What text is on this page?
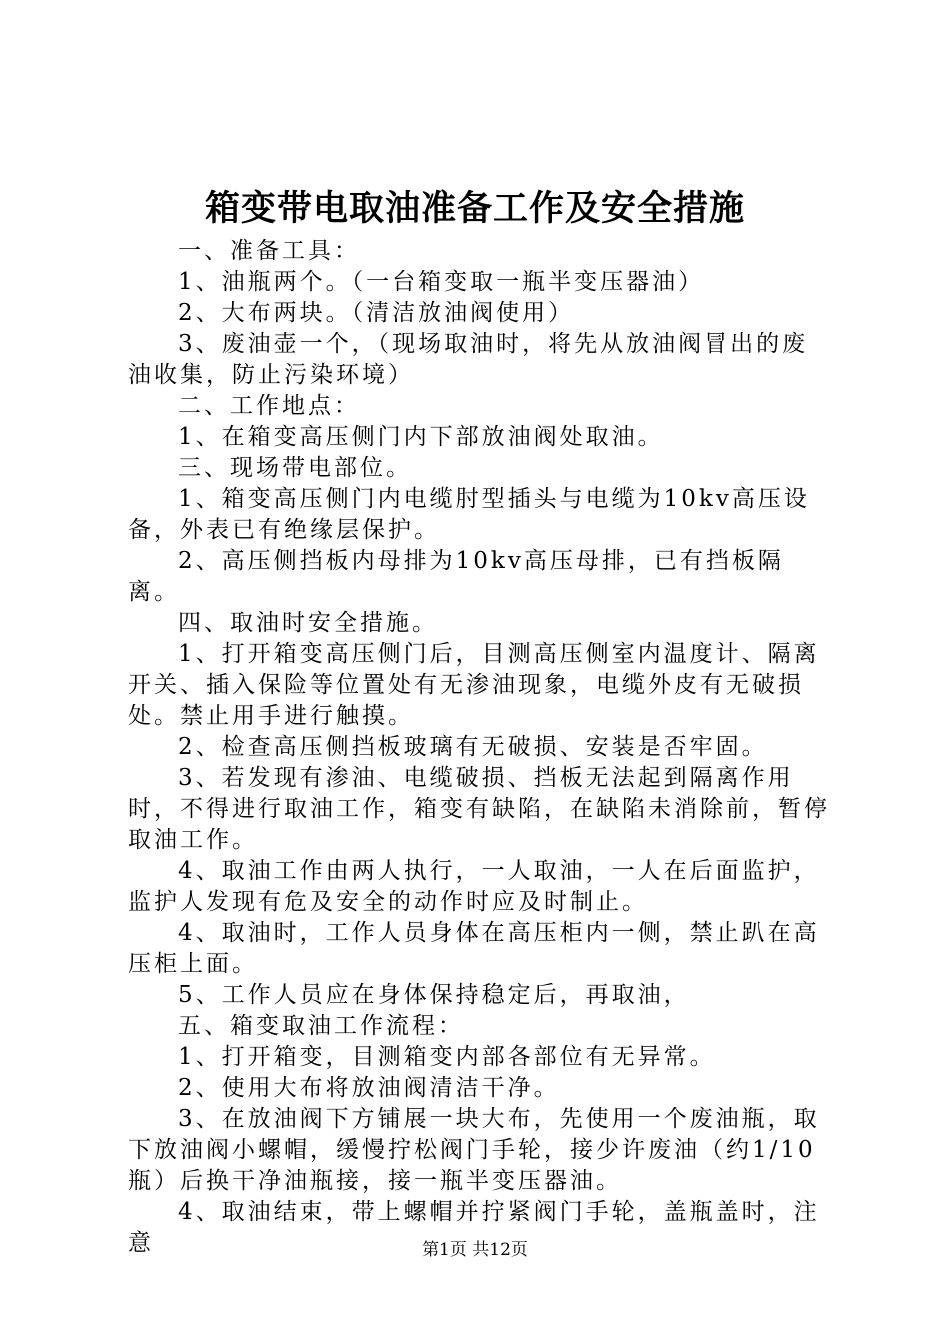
箱变带电取油准备工作及安全措施

一、准备工具：

1、油瓶两个。（一台箱变取一瓶半变压器油）

2、大布两块。（清洁放油阀使用）

3、废油壶一个，（现场取油时，将先从放油阀冒出的废油收集，防止污染环境）

二、工作地点：

1、在箱变高压侧门内下部放油阀处取油。

三、现场带电部位。

1、箱变高压侧门内电缆肘型插头与电缆为10kv高压设备，外表已有绝缘层保护。

2、高压侧挡板内母排为10kv高压母排，已有挡板隔离。

四、取油时安全措施。

1、打开箱变高压侧门后，目测高压侧室内温度计、隔离开关、插入保险等位置处有无渗油现象，电缆外皮有无破损处。禁止用手进行触摸。

2、检查高压侧挡板玻璃有无破损、安装是否牢固。

3、若发现有渗油、电缆破损、挡板无法起到隔离作用时，不得进行取油工作，箱变有缺陷，在缺陷未消除前，暂停取油工作。

4、取油工作由两人执行，一人取油，一人在后面监护，监护人发现有危及安全的动作时应及时制止。

4、取油时，工作人员身体在高压柜内一侧，禁止趴在高压柜上面。

5、工作人员应在身体保持稳定后，再取油，

五、箱变取油工作流程：

1、打开箱变，目测箱变内部各部位有无异常。

2、使用大布将放油阀清洁干净。

3、在放油阀下方铺展一块大布，先使用一个废油瓶，取下放油阀小螺帽，缓慢拧松阀门手轮，接少许废油（约1/10瓶）后换干净油瓶接，接一瓶半变压器油。

4、取油结束，带上螺帽并拧紧阀门手轮，盖瓶盖时，注意	第1页 共12页
